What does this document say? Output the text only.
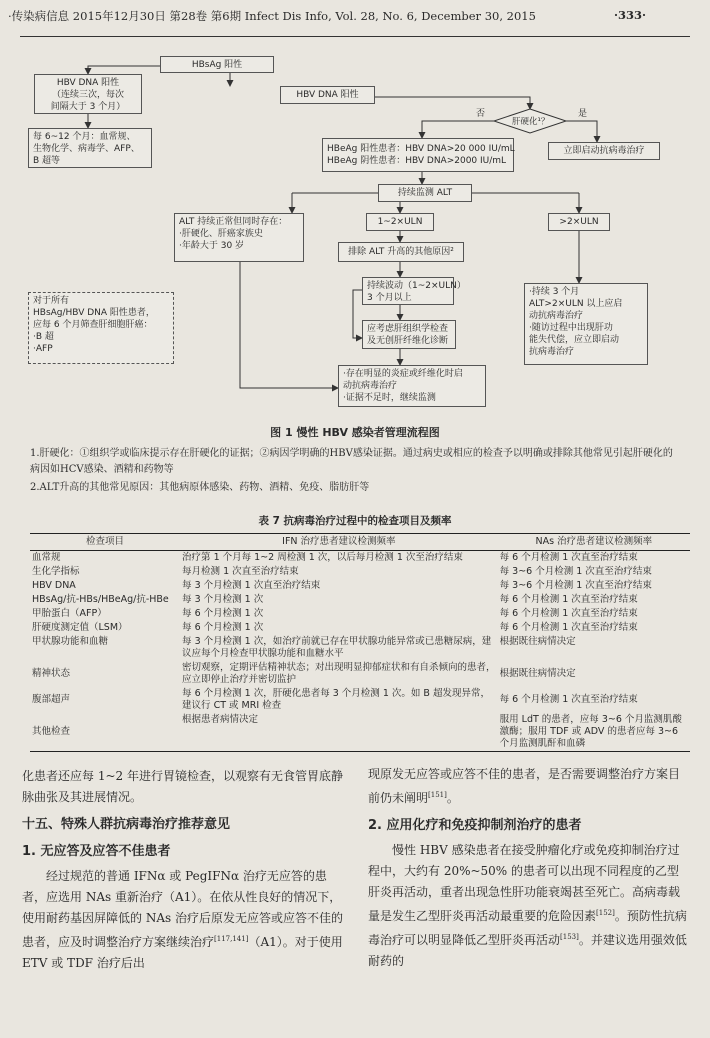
·传染病信息 2015年12月30日 第28卷 第6期 Infect Dis Info, Vol. 28, No. 6, December 30, 2015	·333·
HBsAg 阳性
HBV DNA 阳性
（连续三次，每次
间隔大于 3 个月）
HBV DNA 阳性
每 6~12 个月：血常规、
生物化学、病毒学、AFP、
B 超等
否	是
肝硬化¹？
HBeAg 阳性患者：HBV DNA>20 000 IU/mL
HBeAg 阴性患者：HBV DNA>2000 IU/mL
立即启动抗病毒治疗
持续监测 ALT
ALT 持续正常但同时存在：
·肝硬化、肝癌家族史
·年龄大于 30 岁
1~2×ULN	>2×ULN
排除 ALT 升高的其他原因²
持续波动（1~2×ULN）
3 个月以上
·持续 3 个月
ALT>2×ULN 以上应启
动抗病毒治疗
·随访过程中出现肝功
能失代偿，应立即启动
抗病毒治疗
对于所有
HBsAg/HBV DNA 阳性患者，
应每 6 个月筛查肝细胞肝癌：
·B 超
·AFP
应考虑肝组织学检查
及无创肝纤维化诊断
·存在明显的炎症或纤维化时启
动抗病毒治疗
·证据不足时，继续监测
图 1 慢性 HBV 感染者管理流程图
1.肝硬化：①组织学或临床提示存在肝硬化的证据；②病因学明确的HBV感染证据。通过病史或相应的检查予以明确或排除其他常见引起肝硬化的病因如HCV感染、酒精和药物等
2.ALT升高的其他常见原因：其他病原体感染、药物、酒精、免疫、脂肪肝等
表 7 抗病毒治疗过程中的检查项目及频率
检查项目	IFN 治疗患者建议检测频率	NAs 治疗患者建议检测频率
血常规	治疗第 1 个月每 1~2 周检测 1 次，以后每月检测 1 次至治疗结束	每 6 个月检测 1 次直至治疗结束
生化学指标	每月检测 1 次直至治疗结束	每 3~6 个月检测 1 次直至治疗结束
HBV DNA	每 3 个月检测 1 次直至治疗结束	每 3~6 个月检测 1 次直至治疗结束
HBsAg/抗-HBs/HBeAg/抗-HBe	每 3 个月检测 1 次	每 6 个月检测 1 次直至治疗结束
甲胎蛋白（AFP）	每 6 个月检测 1 次	每 6 个月检测 1 次直至治疗结束
肝硬度测定值（LSM）	每 6 个月检测 1 次	每 6 个月检测 1 次直至治疗结束
甲状腺功能和血糖	每 3 个月检测 1 次，如治疗前就已存在甲状腺功能异常或已患糖尿病，建议应每个月检查甲状腺功能和血糖水平	根据既往病情决定
精神状态	密切观察，定期评估精神状态；对出现明显抑郁症状和有自杀倾向的患者，应立即停止治疗并密切监护	根据既往病情决定
腹部超声	每 6 个月检测 1 次，肝硬化患者每 3 个月检测 1 次。如 B 超发现异常，建议行 CT 或 MRI 检查	每 6 个月检测 1 次直至治疗结束
其他检查	根据患者病情决定	服用 LdT 的患者，应每 3~6 个月监测肌酸激酶；服用 TDF 或 ADV 的患者应每 3~6 个月监测肌酐和血磷

化患者还应每 1~2 年进行胃镜检查，以观察有无食管胃底静脉曲张及其进展情况。

十五、特殊人群抗病毒治疗推荐意见
1. 无应答及应答不佳患者

经过规范的普通 IFNα 或 PegIFNα 治疗无应答的患者，应选用 NAs 重新治疗（A1）。在依从性良好的情况下，使用耐药基因屏障低的 NAs 治疗后原发无应答或应答不佳的患者，应及时调整治疗方案继续治疗[117,141]（A1）。对于使用 ETV 或 TDF 治疗后出

现原发无应答或应答不佳的患者，是否需要调整治疗方案目前仍未阐明[151]。

2. 应用化疗和免疫抑制剂治疗的患者

慢性 HBV 感染患者在接受肿瘤化疗或免疫抑制治疗过程中，大约有 20%~50% 的患者可以出现不同程度的乙型肝炎再活动，重者出现急性肝功能衰竭甚至死亡。高病毒载量是发生乙型肝炎再活动最重要的危险因素[152]。预防性抗病毒治疗可以明显降低乙型肝炎再活动[153]。并建议选用强效低耐药的
